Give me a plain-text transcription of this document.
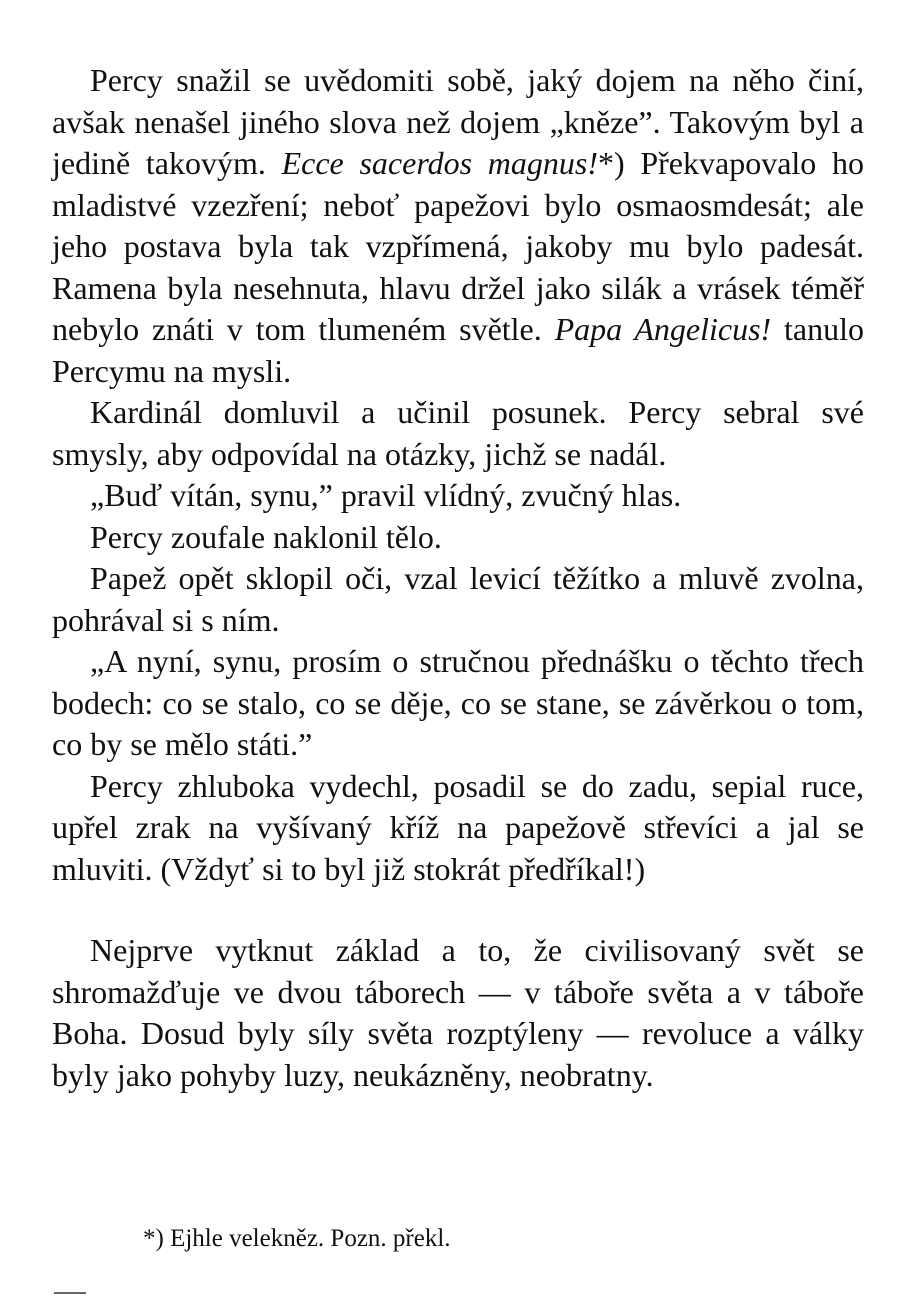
Percy snažil se uvědomiti sobě, jaký dojem na něho činí, avšak nenašel jiného slova než dojem „kněze”. Takovým byl a jedině takovým. Ecce sacerdos magnus!*) Překvapovalo ho mladistvé vzezření; neboť papežovi bylo osmaosmdesát; ale jeho postava byla tak vzpřímená, jakoby mu bylo padesát. Ramena byla nesehnuta, hlavu držel jako silák a vrásek téměř nebylo znáti v tom tlumeném světle. Papa Angelicus! tanulo Percymu na mysli.

Kardinál domluvil a učinil posunek. Percy sebral své smysly, aby odpovídal na otázky, jichž se nadál.

„Buď vítán, synu,” pravil vlídný, zvučný hlas.

Percy zoufale naklonil tělo.

Papež opět sklopil oči, vzal levicí těžítko a mluvě zvolna, pohrával si s ním.

„A nyní, synu, prosím o stručnou přednášku o těchto třech bodech: co se stalo, co se děje, co se stane, se závěrkou o tom, co by se mělo státi.”

Percy zhluboka vydechl, posadil se do zadu, sepial ruce, upřel zrak na vyšívaný kříž na papežově střevíci a jal se mluviti. (Vždyť si to byl již stokrát předříkal!)

Nejprve vytknut základ a to, že civilisovaný svět se shromažďuje ve dvou táborech — v táboře světa a v táboře Boha. Dosud byly síly světa rozptýleny — revoluce a války byly jako pohyby luzy, neukázněny, neobratny.

*) Ejhle velekněz. Pozn. překl.
